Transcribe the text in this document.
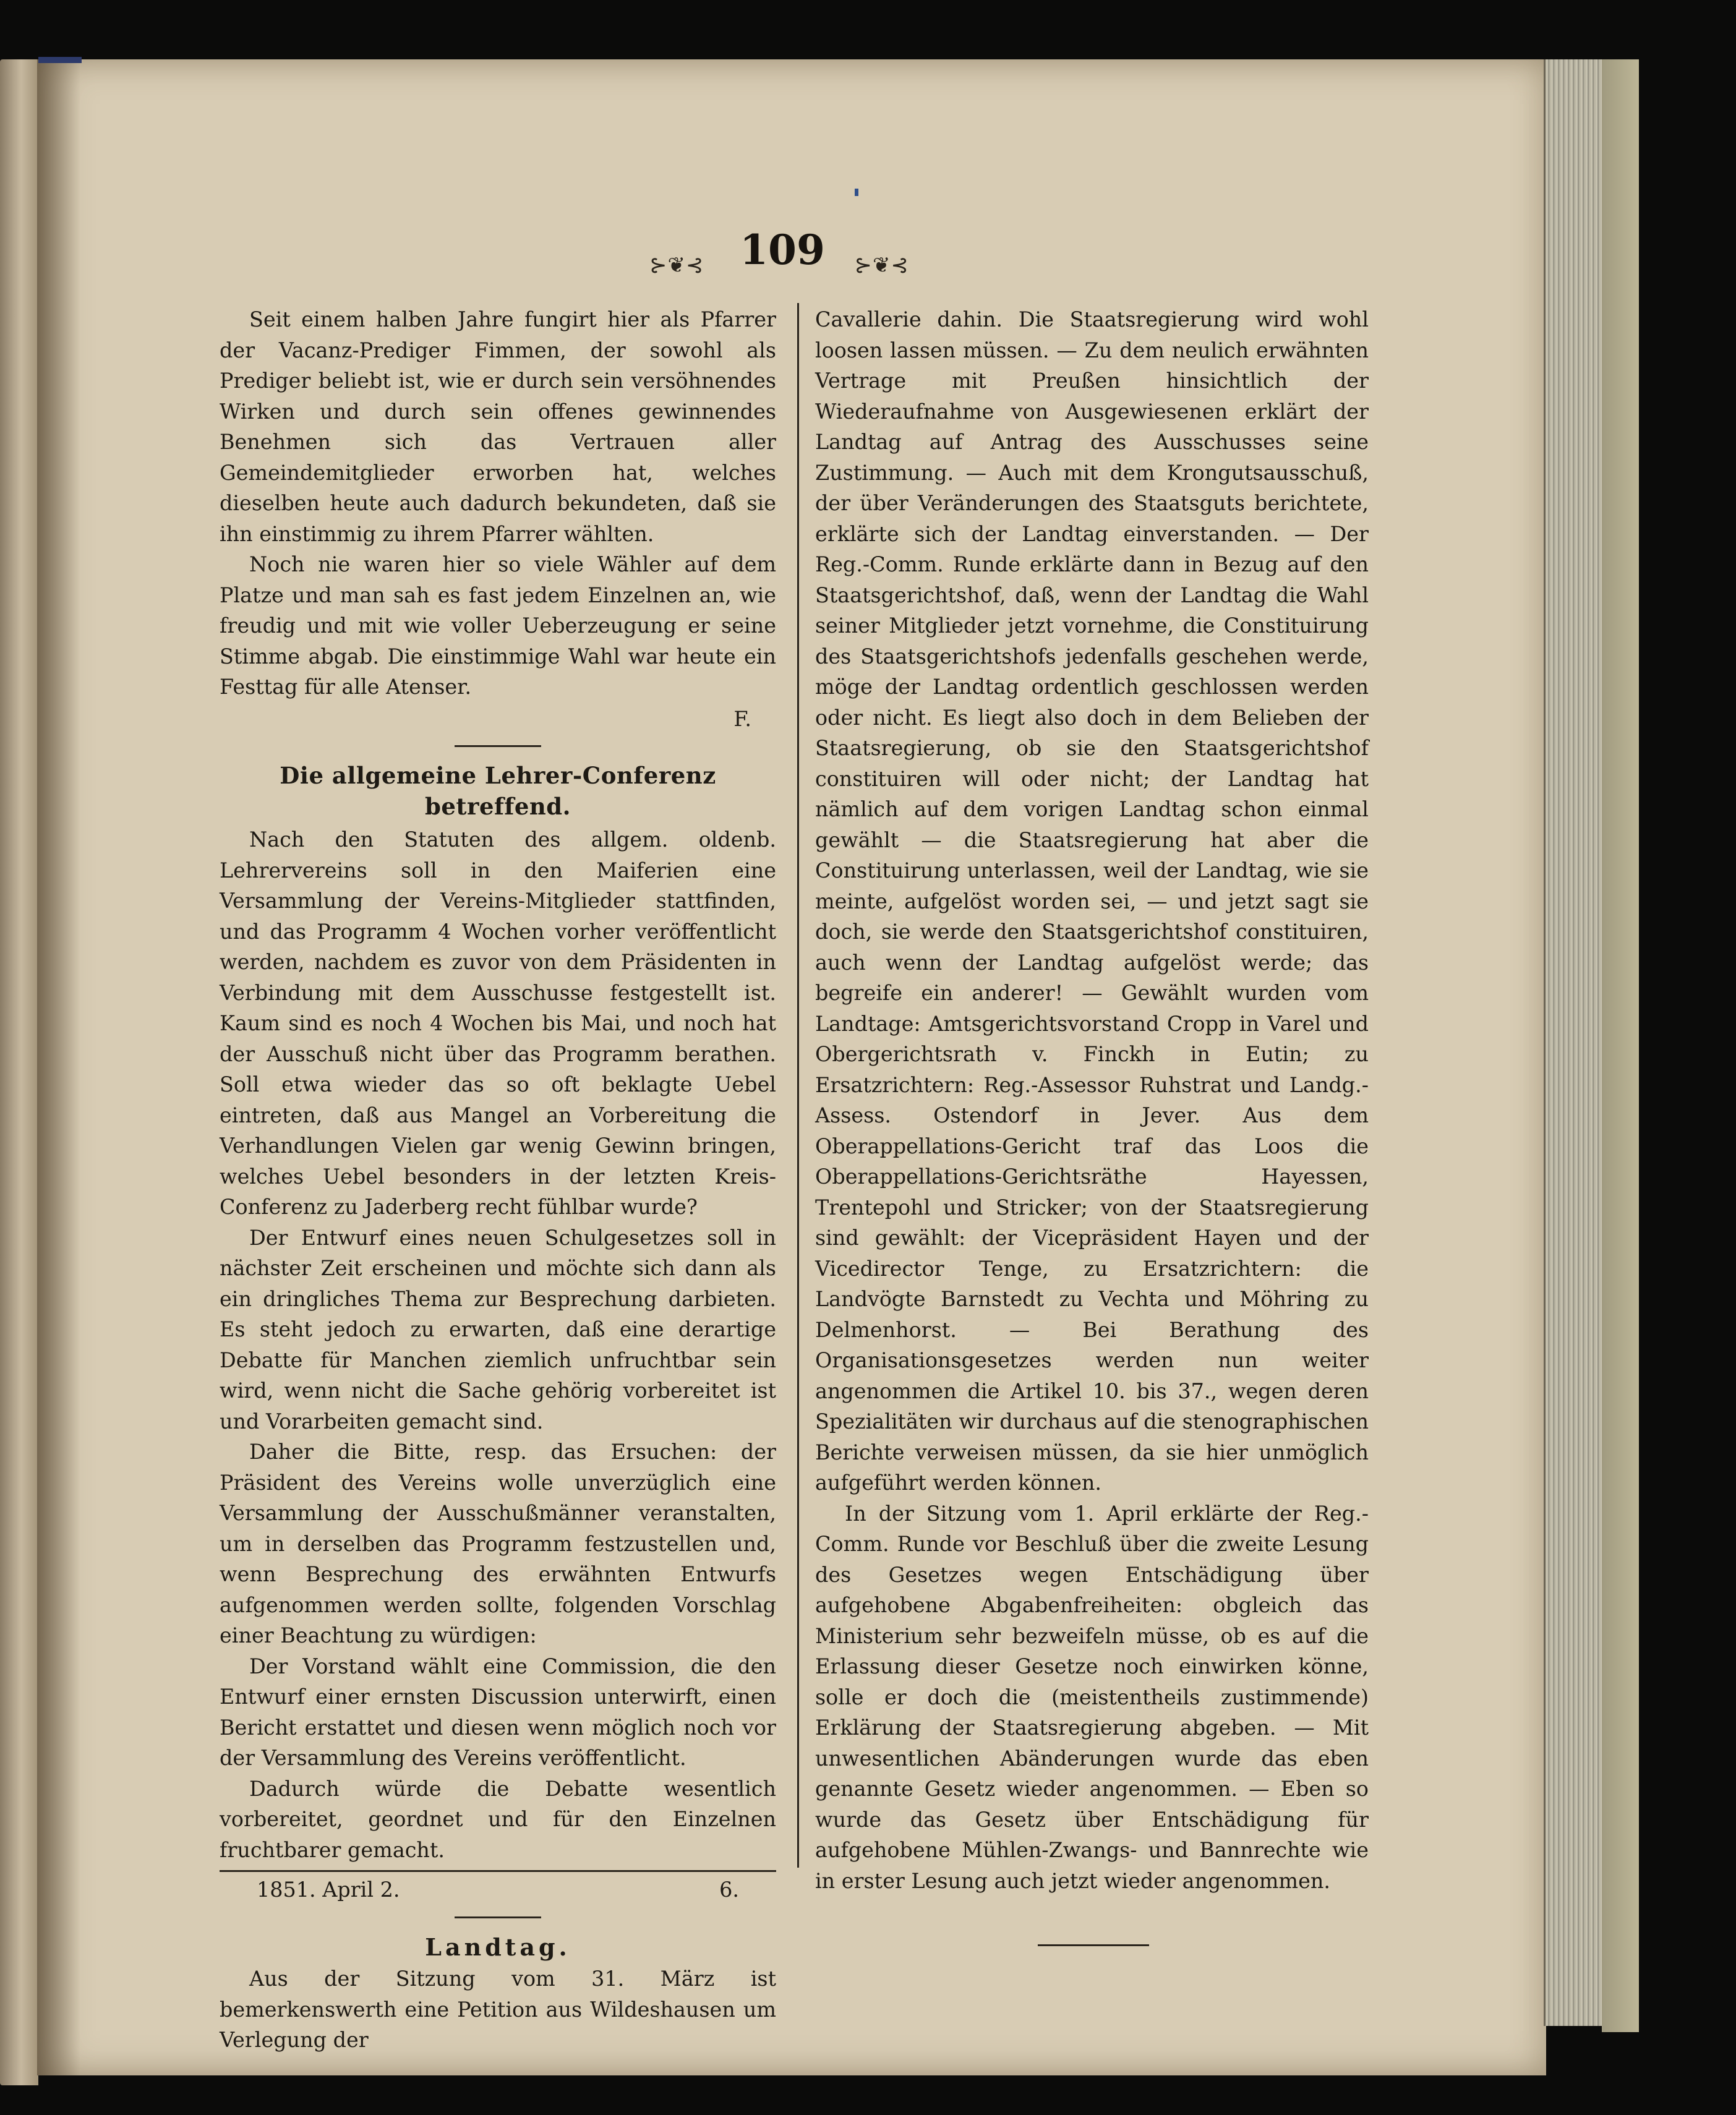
⊱❦⊰ 109 ⊱❦⊰

Seit einem halben Jahre fungirt hier als Pfarrer der Vacanz-Prediger Fimmen, der sowohl als Prediger beliebt ist, wie er durch sein versöhnendes Wirken und durch sein offenes gewinnendes Benehmen sich das Vertrauen aller Gemeindemitglieder erworben hat, welches dieselben heute auch dadurch bekundeten, daß sie ihn einstimmig zu ihrem Pfarrer wählten.

Noch nie waren hier so viele Wähler auf dem Platze und man sah es fast jedem Einzelnen an, wie freudig und mit wie voller Ueberzeugung er seine Stimme abgab. Die einstimmige Wahl war heute ein Festtag für alle Atenser.

F.
Die allgemeine Lehrer-Conferenz betreffend.

Nach den Statuten des allgem. oldenb. Lehrervereins soll in den Maiferien eine Versammlung der Vereins-Mitglieder stattfinden, und das Programm 4 Wochen vorher veröffentlicht werden, nachdem es zuvor von dem Präsidenten in Verbindung mit dem Ausschusse festgestellt ist. Kaum sind es noch 4 Wochen bis Mai, und noch hat der Ausschuß nicht über das Programm berathen. Soll etwa wieder das so oft beklagte Uebel eintreten, daß aus Mangel an Vorbereitung die Verhandlungen Vielen gar wenig Gewinn bringen, welches Uebel besonders in der letzten Kreis-Conferenz zu Jaderberg recht fühlbar wurde?

Der Entwurf eines neuen Schulgesetzes soll in nächster Zeit erscheinen und möchte sich dann als ein dringliches Thema zur Besprechung darbieten. Es steht jedoch zu erwarten, daß eine derartige Debatte für Manchen ziemlich unfruchtbar sein wird, wenn nicht die Sache gehörig vorbereitet ist und Vorarbeiten gemacht sind.

Daher die Bitte, resp. das Ersuchen: der Präsident des Vereins wolle unverzüglich eine Versammlung der Ausschußmänner veranstalten, um in derselben das Programm festzustellen und, wenn Besprechung des erwähnten Entwurfs aufgenommen werden sollte, folgenden Vorschlag einer Beachtung zu würdigen:

Der Vorstand wählt eine Commission, die den Entwurf einer ernsten Discussion unterwirft, einen Bericht erstattet und diesen wenn möglich noch vor der Versammlung des Vereins veröffentlicht.

Dadurch würde die Debatte wesentlich vorbereitet, geordnet und für den Einzelnen fruchtbarer gemacht.

1851. April 2.	6.
Landtag.

Aus der Sitzung vom 31. März ist bemerkenswerth eine Petition aus Wildeshausen um Verlegung der

Cavallerie dahin. Die Staatsregierung wird wohl loosen lassen müssen. — Zu dem neulich erwähnten Vertrage mit Preußen hinsichtlich der Wiederaufnahme von Ausgewiesenen erklärt der Landtag auf Antrag des Ausschusses seine Zustimmung. — Auch mit dem Krongutsausschuß, der über Veränderungen des Staatsguts berichtete, erklärte sich der Landtag einverstanden. — Der Reg.-Comm. Runde erklärte dann in Bezug auf den Staatsgerichtshof, daß, wenn der Landtag die Wahl seiner Mitglieder jetzt vornehme, die Constituirung des Staatsgerichtshofs jedenfalls geschehen werde, möge der Landtag ordentlich geschlossen werden oder nicht. Es liegt also doch in dem Belieben der Staatsregierung, ob sie den Staatsgerichtshof constituiren will oder nicht; der Landtag hat nämlich auf dem vorigen Landtag schon einmal gewählt — die Staatsregierung hat aber die Constituirung unterlassen, weil der Landtag, wie sie meinte, aufgelöst worden sei, — und jetzt sagt sie doch, sie werde den Staatsgerichtshof constituiren, auch wenn der Landtag aufgelöst werde; das begreife ein anderer! — Gewählt wurden vom Landtage: Amtsgerichtsvorstand Cropp in Varel und Obergerichtsrath v. Finckh in Eutin; zu Ersatzrichtern: Reg.-Assessor Ruhstrat und Landg.-Assess. Ostendorf in Jever. Aus dem Oberappellations-Gericht traf das Loos die Oberappellations-Gerichtsräthe Hayessen, Trentepohl und Stricker; von der Staatsregierung sind gewählt: der Vicepräsident Hayen und der Vicedirector Tenge, zu Ersatzrichtern: die Landvögte Barnstedt zu Vechta und Möhring zu Delmenhorst. — Bei Berathung des Organisationsgesetzes werden nun weiter angenommen die Artikel 10. bis 37., wegen deren Spezialitäten wir durchaus auf die stenographischen Berichte verweisen müssen, da sie hier unmöglich aufgeführt werden können.

In der Sitzung vom 1. April erklärte der Reg.-Comm. Runde vor Beschluß über die zweite Lesung des Gesetzes wegen Entschädigung über aufgehobene Abgabenfreiheiten: obgleich das Ministerium sehr bezweifeln müsse, ob es auf die Erlassung dieser Gesetze noch einwirken könne, solle er doch die (meistentheils zustimmende) Erklärung der Staatsregierung abgeben. — Mit unwesentlichen Abänderungen wurde das eben genannte Gesetz wieder angenommen. — Eben so wurde das Gesetz über Entschädigung für aufgehobene Mühlen-Zwangs- und Bannrechte wie in erster Lesung auch jetzt wieder angenommen.
